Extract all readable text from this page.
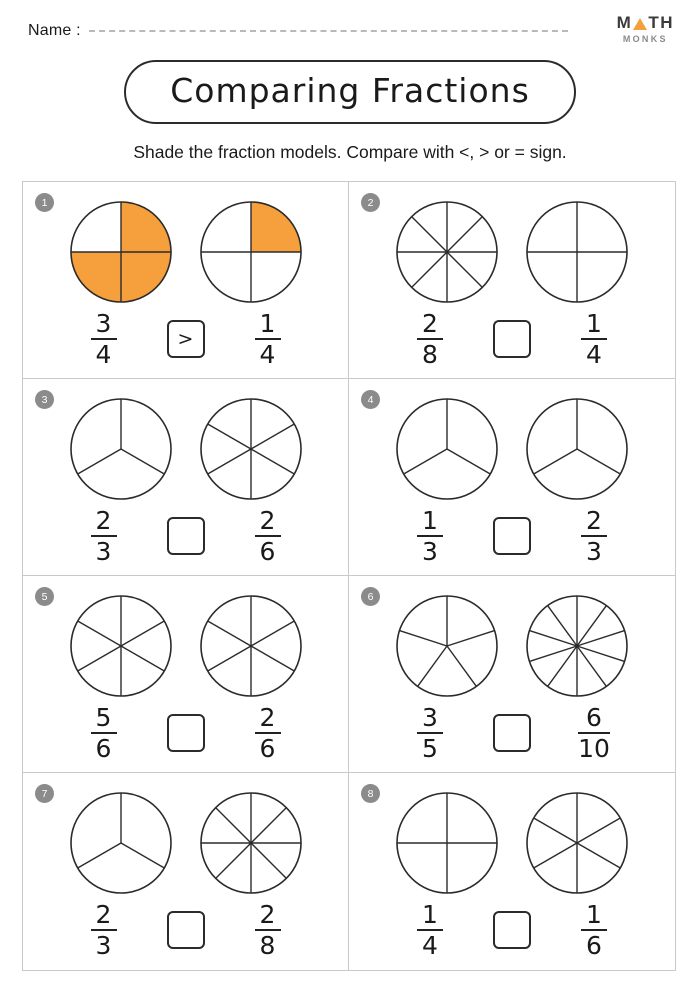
Name :	M TH
MONKS
Comparing Fractions
Shade the fraction models. Compare with <, > or = sign.
1
$\frac{3}{4}$	>	$\frac{1}{4}$
2
$\frac{2}{8}$	$\frac{1}{4}$
3
$\frac{2}{3}$	$\frac{2}{6}$
4
$\frac{1}{3}$	$\frac{2}{3}$
5
$\frac{5}{6}$	$\frac{2}{6}$
6
$\frac{3}{5}$	$\frac{6}{10}$
7
$\frac{2}{3}$	$\frac{2}{8}$
8
$\frac{1}{4}$	$\frac{1}{6}$
